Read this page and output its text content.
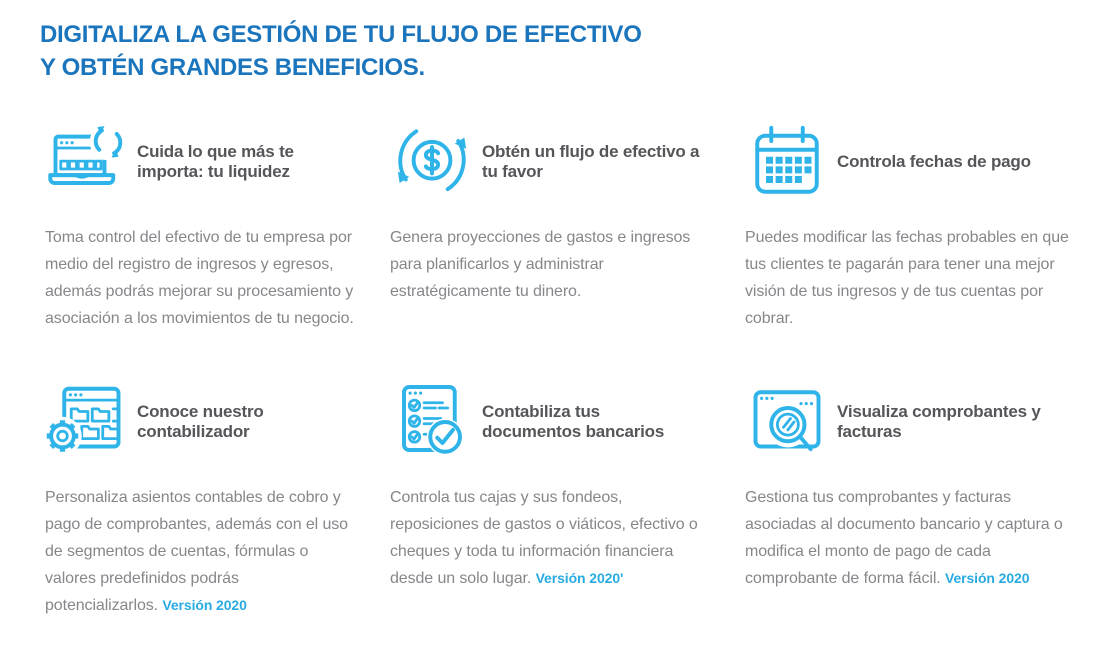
DIGITALIZA LA GESTIÓN DE TU FLUJO DE EFECTIVO
Y OBTÉN GRANDES BENEFICIOS.
Cuida lo que más te importa: tu liquidez

Toma control del efectivo de tu empresa por medio del registro de ingresos y egresos, además podrás mejorar su procesamiento y asociación a los movimientos de tu negocio.

Obtén un flujo de efectivo a tu favor

Genera proyecciones de gastos e ingresos para planificarlos y administrar estratégicamente tu dinero.

Controla fechas de pago

Puedes modificar las fechas probables en que tus clientes te pagarán para tener una mejor visión de tus ingresos y de tus cuentas por cobrar.

Conoce nuestro contabilizador

Personaliza asientos contables de cobro y pago de comprobantes, además con el uso de segmentos de cuentas, fórmulas o valores predefinidos podrás potencializarlos. Versión 2020

Contabiliza tus documentos bancarios

Controla tus cajas y sus fondeos, reposiciones de gastos o viáticos, efectivo o cheques y toda tu información financiera desde un solo lugar. Versión 2020'

Visualiza comprobantes y facturas

Gestiona tus comprobantes y facturas asociadas al documento bancario y captura o modifica el monto de pago de cada comprobante de forma fácil. Versión 2020
